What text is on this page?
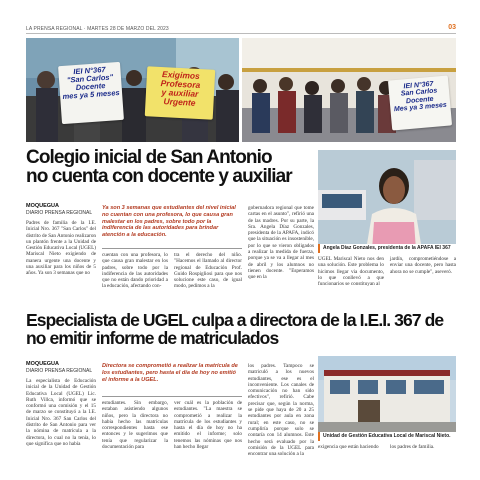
LA PRENSA REGIONAL · MARTES 28 DE MARZO DEL 2023	03
IEI N°367
"San Carlos"
Docente
mes ya 5 meses
Exigimos
Profesora
y auxiliar
Urgente
IEI N°367
San Carlos
Docente
Mes ya 3 meses
Colegio inicial de San Antonio
no cuenta con docente y auxiliar
Angela Díaz Gonzales, presidenta de la APAFA IEI 367
MOQUEGUA
DIARIO PRENSA REGIONAL
Padres de familia de la I.E. Inicial Nro. 367 "San Carlos" del distrito de San Antonio realizaron un plantón frente a la Unidad de Gestión Educativa Local (UGEL) Mariscal Nieto exigiendo de manera urgente una docente y una auxiliar para los niños de 5 años. Ya son 3 semanas que no
Ya son 3 semanas que estudiantes del nivel inicial no cuentan con una profesora, lo que causa gran malestar en los padres, sobre todo por la indiferencia de las autoridades para brindar atención a la educación.
cuentan con una profesora, lo que causa gran malestar en los padres, sobre todo por la indiferencia de las autoridades que no están dando prioridad a la educación, afectando con-
tra el derecho del niño. "Hacemos el llamado al director regional de Educación Prof. Guido Rospigliosi para que nos solucione este caso, de igual modo, pedimos a la
gobernadora regional que tome cartas en el asunto", refirió una de las madres. Por su parte, la Sra. Angela Díaz Gonzales, presidenta de la APAFA, indicó que la situación es insostenible, por lo que se vieron obligados a realizar la medida de fuerza, porque ya se va a llegar al mes de abril y los alumnos no tienen docente. "Esperamos que en la
UGEL Mariscal Nieto nos den una solución. Este problema lo hicimos llegar via documento, lo que conllevó a que funcionarios se constituyan al
jardín, comprometiéndose a enviar una docente, pero hasta ahora no se cumple", aseveró.
Especialista de UGEL culpa a directora de la I.E.I. 367 de
no emitir informe de matriculados
MOQUEGUA
DIARIO PRENSA REGIONAL
La especialista de Educación inicial de la Unidad de Gestión Educativa Local (UGEL) Lic. Ruth Villca, informó que se conformó una comisión y el 15 de marzo se constituyó a la I.E. Inicial Nro. 367 San Carlos del distrito de San Antonio para ver la nómina de matrícula a la directora, lo cual no la tenía, lo que significa que no había
Directora se comprometió a realizar la matrícula de los estudiantes, pero hasta el día de hoy no emitió el informe a la UGEL.
estudiantes. Sin embargo, estaban asistiendo algunos niños, pero la directora no había hecho las matrículas correspondientes hasta ese entonces y le sugerimos que tenía que regularizar la documentación para
ver cuál es la población de estudiantes. "La maestra se comprometió a realizar la matrícula de los estudiantes y hasta el día de hoy no ha emitido el informe; solo tenemos las nóminas que nos han hecho llegar
los padres. Tampoco se matriculó a los nuevos estudiantes, ese es el inconveniente. Los canales de comunicación no han sido efectivos", refirió. Cabe precisar que, según la norma, se pide que haya de 20 a 25 estudiantes por aula en zona rural; en este caso, no se cumpliría porque solo se contaría con 14 alumnos. Este hecho será evaluado por la comisión de la UGEL para encontrar una solución a la
Unidad de Gestión Educativa Local de Mariscal Nieto.
exigencia que están haciendo	los padres de familia.
